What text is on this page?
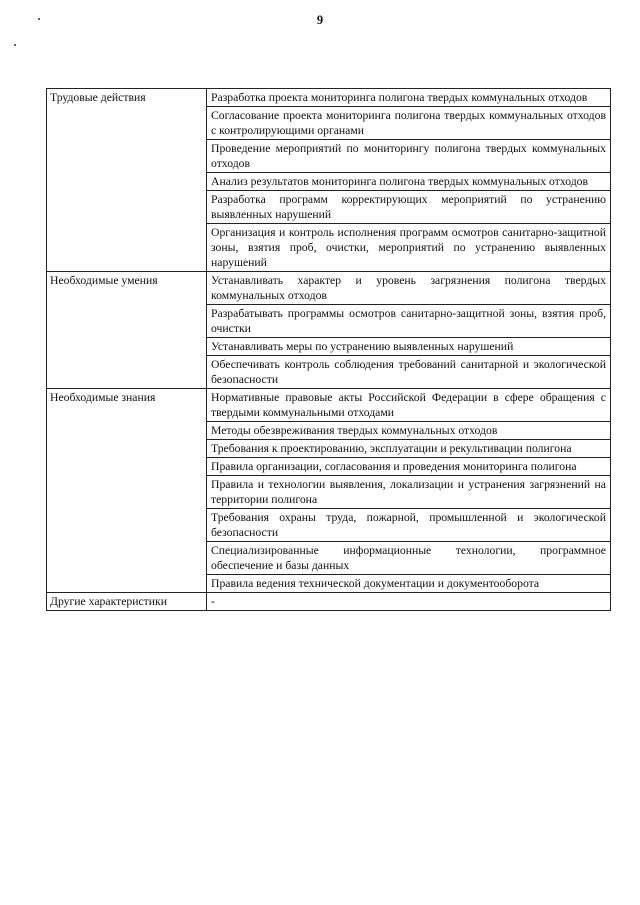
9
Трудовые действия	Разработка проекта мониторинга полигона твердых коммунальных отходов
	Согласование проекта мониторинга полигона твердых коммунальных отходов с контролирующими органами
	Проведение мероприятий по мониторингу полигона твердых коммунальных отходов
	Анализ результатов мониторинга полигона твердых коммунальных отходов
	Разработка программ корректирующих мероприятий по устранению выявленных нарушений
	Организация и контроль исполнения программ осмотров санитарно-защитной зоны, взятия проб, очистки, мероприятий по устранению выявленных нарушений
Необходимые умения	Устанавливать характер и уровень загрязнения полигона твердых коммунальных отходов
	Разрабатывать программы осмотров санитарно-защитной зоны, взятия проб, очистки
	Устанавливать меры по устранению выявленных нарушений
	Обеспечивать контроль соблюдения требований санитарной и экологической безопасности
Необходимые знания	Нормативные правовые акты Российской Федерации в сфере обращения с твердыми коммунальными отходами
	Методы обезвреживания твердых коммунальных отходов
	Требования к проектированию, эксплуатации и рекультивации полигона
	Правила организации, согласования и проведения мониторинга полигона
	Правила и технологии выявления, локализации и устранения загрязнений на территории полигона
	Требования охраны труда, пожарной, промышленной и экологической безопасности
	Специализированные информационные технологии, программное обеспечение и базы данных
	Правила ведения технической документации и документооборота
Другие характеристики	-
